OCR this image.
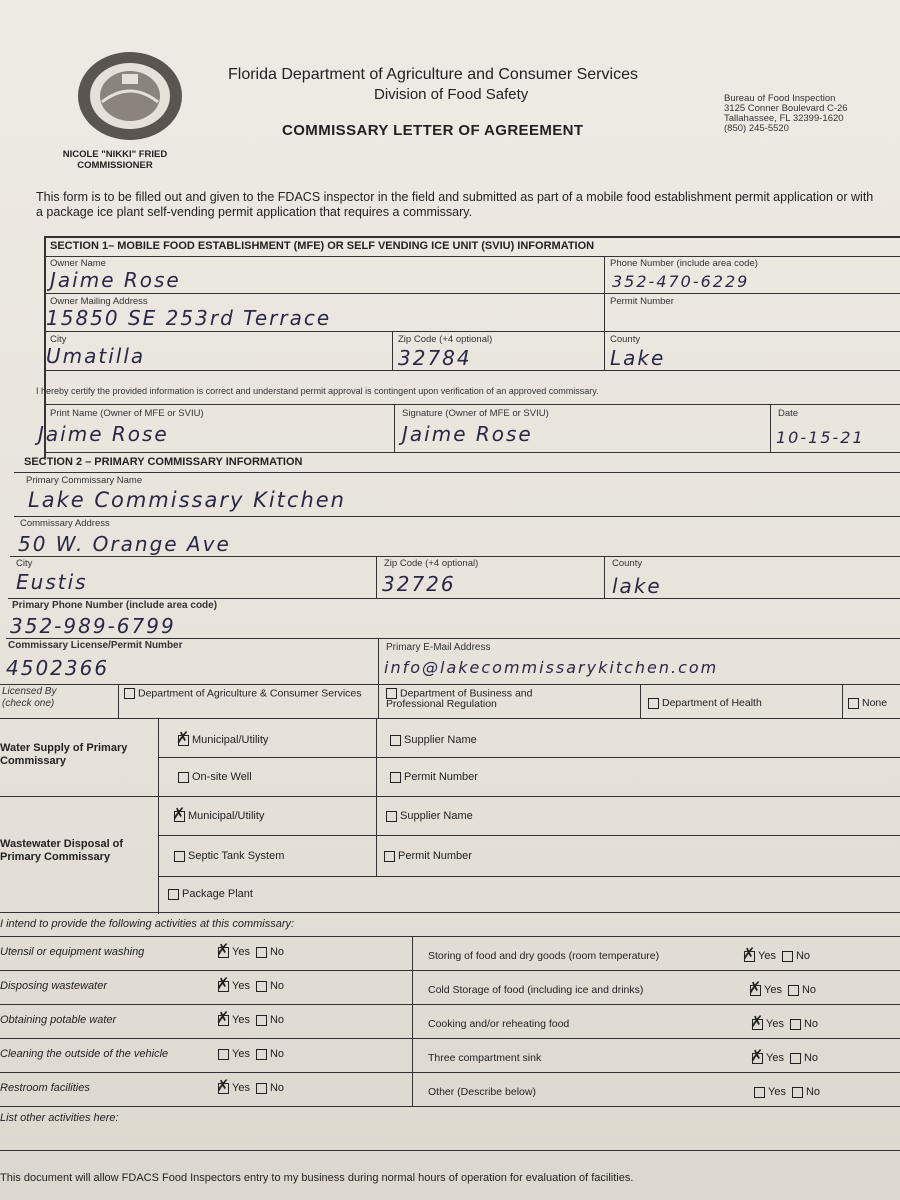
Florida Department of Agriculture and Consumer Services
Division of Food Safety
COMMISSARY LETTER OF AGREEMENT
Bureau of Food Inspection
3125 Conner Boulevard C-26
Tallahassee, FL 32399-1620
(850) 245-5520
NICOLE "NIKKI" FRIED
COMMISSIONER
This form is to be filled out and given to the FDACS inspector in the field and submitted as part of a mobile food establishment permit application or with a package ice plant self-vending permit application that requires a commissary.
SECTION 1– MOBILE FOOD ESTABLISHMENT (MFE) OR SELF VENDING ICE UNIT (SVIU) INFORMATION
Owner Name
Jaime Rose
Phone Number (include area code)
352-470-6229
Owner Mailing Address
15850 SE 253rd Terrace
Permit Number
City
Umatilla
Zip Code (+4 optional)
32784
County
Lake
I hereby certify the provided information is correct and understand permit approval is contingent upon verification of an approved commissary.
Print Name (Owner of MFE or SVIU)
Jaime Rose
Signature (Owner of MFE or SVIU)
Jaime Rose
Date
10-15-21
SECTION 2 – PRIMARY COMMISSARY INFORMATION
Primary Commissary Name
Lake Commissary Kitchen
Commissary Address
50 W. Orange Ave
City
Eustis
Zip Code (+4 optional)
32726
County
lake
Primary Phone Number (include area code)
352-989-6799
Commissary License/Permit Number
4502366
Primary E-Mail Address
info@lakecommissarykitchen.com
Licensed By
(check one)
Department of Agriculture & Consumer Services	Department of Business and Professional Regulation	Department of Health	None
Water Supply of Primary Commissary
✗Municipal/Utility	Supplier Name
On-site Well	Permit Number
✗Municipal/Utility	Supplier Name
Wastewater Disposal of Primary Commissary	Septic Tank System	Permit Number
Package Plant
I intend to provide the following activities at this commissary:
Utensil or equipment washing ✗	Yes No
Disposing wastewater ✗	Yes No
Obtaining potable water ✗	Yes No
Cleaning the outside of the vehicle	Yes No
Restroom facilities ✗	Yes No
Storing of food and dry goods (room temperature) ✗	Yes No
Cold Storage of food (including ice and drinks) ✗	Yes No
Cooking and/or reheating food ✗	Yes No
Three compartment sink ✗	Yes No
Other (Describe below)	Yes No
List other activities here:
This document will allow FDACS Food Inspectors entry to my business during normal hours of operation for evaluation of facilities.
